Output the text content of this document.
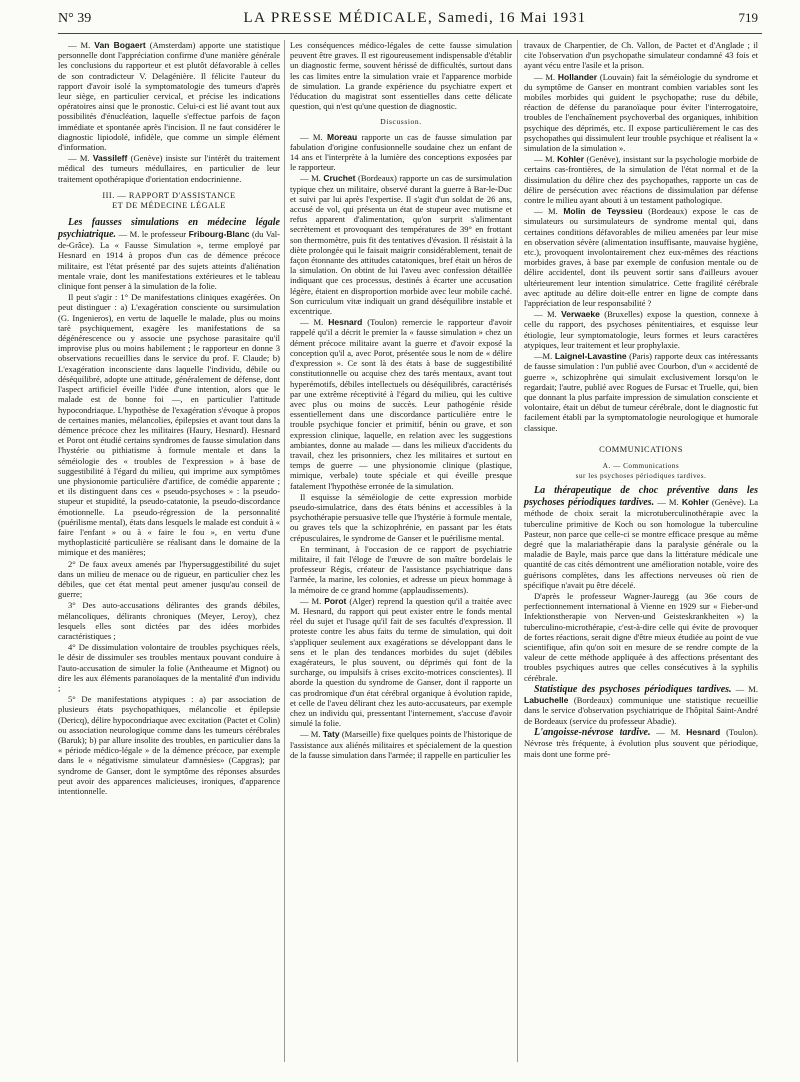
N° 39	LA PRESSE MÉDICALE, Samedi, 16 Mai 1931	719

— M. Van Bogaert (Amsterdam) apporte une statistique personnelle dont l'appréciation confirme d'une manière générale les conclusions du rapporteur et est plutôt défavorable à celles de son contradicteur V. Delagénière. Il félicite l'auteur du rapport d'avoir isolé la symptomatologie des tumeurs d'après leur siège, en particulier cervical, et précise les indications opératoires ainsi que le pronostic. Celui-ci est lié avant tout aux possibilités d'énucléation, laquelle s'effectue parfois de façon immédiate et spontanée après l'incision. Il ne faut considérer le diagnostic lipiodolé, infidèle, que comme un simple élément d'information.

— M. Vassileff (Genève) insiste sur l'intérêt du traitement médical des tumeurs médullaires, en particulier de leur traitement opothérapique d'orientation endocrinienne.

III. — RAPPORT D'ASSISTANCE
ET DE MÉDECINE LÉGALE

Les fausses simulations en médecine légale psychiatrique. — M. le professeur Fribourg-Blanc (du Val-de-Grâce). La « Fausse Simulation », terme employé par Hesnard en 1914 à propos d'un cas de démence précoce militaire, est l'état présenté par des sujets atteints d'aliénation mentale vraie, dont les manifestations extérieures et le tableau clinique font penser à la simulation de la folie.

Il peut s'agir : 1° De manifestations cliniques exagérées. On peut distinguer : a) L'exagération consciente ou sursimulation (G. Ingenieros), en vertu de laquelle le malade, plus ou moins tarè psychiquement, exagère les manifestations de sa dégénérescence ou y associe une psychose parasitaire qu'il improvise plus ou moins habilement ; le rapporteur en donne 3 observations recueillies dans le service du prof. F. Claude; b) L'exagération inconsciente dans laquelle l'individu, débile ou déséquilibré, adopte une attitude, généralement de défense, dont l'aspect artificiel éveille l'idée d'une intention, alors que le malade est de bonne foi —, en particulier l'attitude hypocondriaque. L'hypothèse de l'exagération s'évoque à propos de certaines manies, mélancolies, épilepsies et avant tout dans la démence précoce chez les militaires (Haury, Hesnard). Hesnard et Porot ont étudié certains syndromes de fausse simulation dans l'hystérie ou pithiatisme à formule mentale et dans la séméiologie des « troubles de l'expression » à base de suggestibilité à l'égard du milieu, qui imprime aux symptômes une physionomie particulière d'artifice, de comédie apparente ; et ils distinguent dans ces « pseudo-psychoses » : la pseudo-stupeur et stupidité, la pseudo-catatonie, la pseudo-discordance émotionnelle. La pseudo-régression de la personnalité (puérilisme mental), états dans lesquels le malade est conduit à « faire l'enfant » ou à « faire le fou », en vertu d'une mythoplasticité particulière se réalisant dans le domaine de la mimique et des manières;

2° De faux aveux amenés par l'hypersuggestibilité du sujet dans un milieu de menace ou de rigueur, en particulier chez les débiles, que cet état mental peut amener jusqu'au conseil de guerre;

3° Des auto-accusations délirantes des grands débiles, mélancoliques, délirants chroniques (Meyer, Leroy), chez lesquels elles sont dictées par des idées morbides caractéristiques ;

4° De dissimulation volontaire de troubles psychiques réels, le désir de dissimuler ses troubles mentaux pouvant conduire à l'auto-accusation de simuler la folie (Antheaume et Mignot) ou dire les aux éléments paranoïaques de la mentalité d'un individu ;

5° De manifestations atypiques : a) par association de plusieurs états psychopathiques, mélancolie et épilepsie (Dericq), délire hypocondriaque avec excitation (Pactet et Colin) ou association neurologique comme dans les tumeurs cérébrales (Baruk); b) par allure insolite des troubles, en particulier dans la « période médico-légale » de la démence précoce, par exemple dans le « négativisme simulateur d'amnésies» (Capgras); par syndrome de Ganser, dont le symptôme des réponses absurdes peut avoir des apparences malicieuses, ironiques, d'apparence intentionnelle.

Les conséquences médico-légales de cette fausse simulation peuvent être graves. Il est rigoureusement indispensable d'établir un diagnostic ferme, souvent hérissé de difficultés, surtout dans les cas limites entre la simulation vraie et l'apparence morbide de simulation. La grande expérience du psychiatre expert et l'éducation du magistrat sont essentielles dans cette délicate question, qui n'est qu'une question de diagnostic.

Discussion.

— M. Moreau rapporte un cas de fausse simulation par fabulation d'origine confusionnelle soudaine chez un enfant de 14 ans et l'interprète à la lumière des conceptions exposées par le rapporteur.

— M. Cruchet (Bordeaux) rapporte un cas de sursimulation typique chez un militaire, observé durant la guerre à Bar-le-Duc et suivi par lui après l'expertise. Il s'agit d'un soldat de 26 ans, accusé de vol, qui présenta un état de stupeur avec mutisme et refus apparent d'alimentation, qu'on surprit s'alimentant secrètement et provoquant des températures de 39° en frottant son thermomètre, puis fit des tentatives d'évasion. Il résistait à la diète prolongée qui le faisait maigrir considérablement, tenait de façon étonnante des attitudes catatoniques, bref était un héros de la simulation. On obtint de lui l'aveu avec confession détaillée indiquant que ces processus, destinés à écarter une accusation légère, étaient en disproportion morbide avec leur mobile caché. Son curriculum vitæ indiquait un grand déséquilibre instable et excentrique.

— M. Hesnard (Toulon) remercie le rapporteur d'avoir rappelé qu'il a décrit le premier la « fausse simulation » chez un dément précoce militaire avant la guerre et d'avoir exposé la conception qu'il a, avec Porot, présentée sous le nom de « délire d'expression ». Ce sont là des états à base de suggestibilité constitutionnelle ou acquise chez des tarés mentaux, avant tout hyperémotifs, débiles intellectuels ou déséquilibrés, caractérisés par une extrême réceptivité à l'égard du milieu, qui les cultive avec plus ou moins de succès. Leur pathogénie réside essentiellement dans une discordance particulière entre le trouble psychique foncier et primitif, bénin ou grave, et son expression clinique, laquelle, en relation avec les suggestions ambiantes, donne au malade — dans les milieux d'accidents du travail, chez les prisonniers, chez les militaires et surtout en temps de guerre — une physionomie clinique (plastique, mimique, verbale) toute spéciale et qui éveille presque fatalement l'hypothèse erronée de la simulation.

Il esquisse la séméiologie de cette expression morbide pseudo-simulatrice, dans des états bénins et accessibles à la psychothérapie persuasive telle que l'hystérie à formule mentale, ou graves tels que la schizophrénie, en passant par les états crépusculaires, le syndrome de Ganser et le puérilisme mental.

En terminant, à l'occasion de ce rapport de psychiatrie militaire, il fait l'éloge de l'œuvre de son maître bordelais le professeur Régis, créateur de l'assistance psychiatrique dans l'armée, la marine, les colonies, et adresse un pieux hommage à la mémoire de ce grand homme (applaudissements).

— M. Porot (Alger) reprend la question qu'il a traitée avec M. Hesnard, du rapport qui peut exister entre le fonds mental réel du sujet et l'usage qu'il fait de ses facultés d'expression. Il proteste contre les abus faits du terme de simulation, qui doit s'appliquer seulement aux exagérations se développant dans le sens et le plan des tendances morbides du sujet (débiles exagérateurs, le plus souvent, ou déprimés qui font de la surcharge, ou impulsifs à crises excito-motrices conscientes). Il aborde la question du syndrome de Ganser, dont il rapporte un cas prodromique d'un état cérébral organique à évolution rapide, et celle de l'aveu délirant chez les auto-accusateurs, par exemple chez un individu qui, pressentant l'internement, s'accuse d'avoir simulé la folie.

— M. Taty (Marseille) fixe quelques points de l'historique de l'assistance aux aliénés militaires et spécialement de la question de la fausse simulation dans l'armée; il rappelle en particulier les

travaux de Charpentier, de Ch. Vallon, de Pactet et d'Anglade ; il cite l'observation d'un psychopathe simulateur condamné 43 fois et ayant vécu entre l'asile et la prison.

— M. Hollander (Louvain) fait la séméiologie du syndrome et du symptôme de Ganser en montrant combien variables sont les mobiles morbides qui guident le psychopathe; ruse du débile, réaction de défense du paranoïaque pour éviter l'interrogatoire, troubles de l'enchaînement psychoverbal des organiques, inhibition psychique des déprimés, etc. Il expose particulièrement le cas des psychopathes qui dissimulent leur trouble psychique et réalisent la « simulation de la simulation ».

— M. Kohler (Genève), insistant sur la psychologie morbide de certains cas-frontières, de la simulation de l'état normal et de la dissimulation du délire chez des psychopathes, rapporte un cas de délire de persécution avec réactions de dissimulation par défense contre le milieu ayant abouti à un testament pathologique.

— M. Molin de Teyssieu (Bordeaux) expose le cas de simulateurs ou sursimulateurs de syndrome mental qui, dans certaines conditions défavorables de milieu amenées par leur mise en observation sévère (alimentation insuffisante, mauvaise hygiène, etc.), provoquent involontairement chez eux-mêmes des réactions morbides graves, à base par exemple de confusion mentale ou de délire accidentel, dont ils peuvent sortir sans d'ailleurs avouer ultérieurement leur intention simulatrice. Cette fragilité cérébrale avec aptitude au délire doit-elle entrer en ligne de compte dans l'appréciation de leur responsabilité ?

— M. Verwaeke (Bruxelles) expose la question, connexe à celle du rapport, des psychoses pénitentiaires, et esquisse leur étiologie, leur symptomatologie, leurs formes et leurs caractères atypiques, leur traitement et leur prophylaxie.

—M. Laignel-Lavastine (Paris) rapporte deux cas intéressants de fausse simulation : l'un publié avec Courbon, d'un « accidenté de guerre », schizophrène qui simulait exclusivement lorsqu'on le regardait; l'autre, publié avec Rogues de Fursac et Truelle, qui, bien que donnant la plus parfaite impression de simulation consciente et volontaire, était un début de tumeur cérébrale, dont le diagnostic fut facilement établi par la symptomatologie neurologique et humorale classique.

COMMUNICATIONS
A. — Communications
sur les psychoses périodiques tardives.

La thérapeutique de choc préventive dans les psychoses périodiques tardives. — M. Kohler (Genève). La méthode de choix serait la microtuberculinothérapie avec la tuberculine primitive de Koch ou son homologue la tuberculine Pasteur, non parce que celle-ci se montre efficace presque au même degré que la malariathérapie dans la paralysie générale ou la maladie de Bayle, mais parce que dans la littérature médicale une quantité de cas cités démontrent une amélioration notable, voire des guérisons complètes, dans les affections nerveuses où rien de spécifique n'avait pu être décelé.

D'après le professeur Wagner-Jauregg (au 36e cours de perfectionnement international à Vienne en 1929 sur « Fieber-und Infektionstherapie von Nerven-und Geisteskrankheiten ») la tuberculino-microthérapie, c'est-à-dire celle qui évite de provoquer de fortes réactions, serait digne d'être mieux étudiée au point de vue scientifique, afin qu'on soit en mesure de se rendre compte de la valeur de cette méthode appliquée à des affections présentant des troubles psychiques autres que celles consécutives à la syphilis cérébrale.

Statistique des psychoses périodiques tardives. — M. Labuchelle (Bordeaux) communique une statistique recueillie dans le service d'observation psychiatrique de l'hôpital Saint-André de Bordeaux (service du professeur Abadie).

L'angoisse-névrose tardive. — M. Hesnard (Toulon). Névrose très fréquente, à évolution plus souvent que périodique, mais dont une forme pré-
